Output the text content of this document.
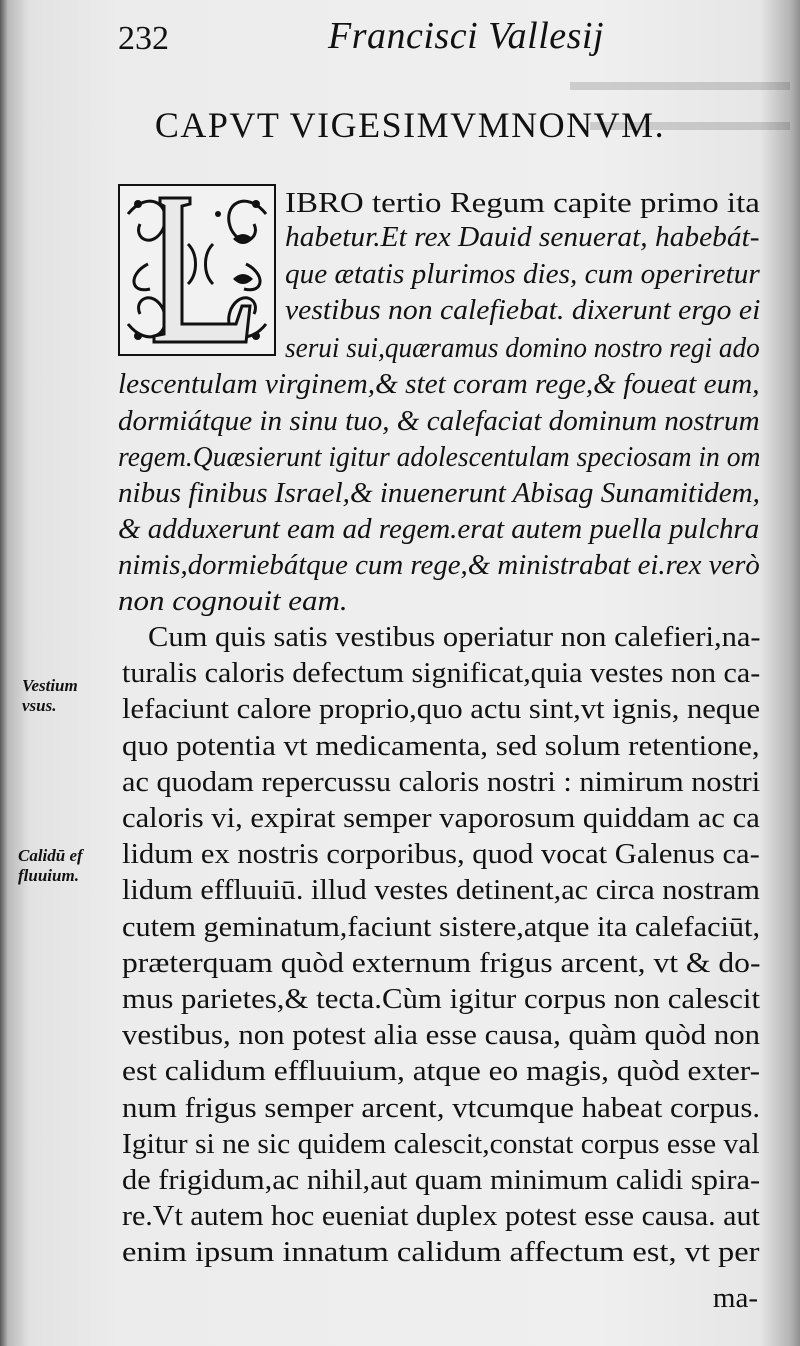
232	Francisci Vallesij
CAPVT VIGESIMVMNONVM.
IBRO tertio Regum capite primo ita
habetur.Et rex Dauid senuerat, habebát-
que ætatis plurimos dies, cum operiretur
vestibus non calefiebat. dixerunt ergo ei
serui sui,quæramus domino nostro regi ado
lescentulam virginem,& stet coram rege,& foueat eum,
dormiátque in sinu tuo, & calefaciat dominum nostrum
regem.Quæsierunt igitur adolescentulam speciosam in om
nibus finibus Israel,& inuenerunt Abisag Sunamitidem,
& adduxerunt eam ad regem.erat autem puella pulchra
nimis,dormiebátque cum rege,& ministrabat ei.rex verò
non cognouit eam.
Cum quis satis vestibus operiatur non calefieri,na-
turalis caloris defectum significat,quia vestes non ca-
lefaciunt calore proprio,quo actu sint,vt ignis, neque
quo potentia vt medicamenta, sed solum retentione,
ac quodam repercussu caloris nostri : nimirum nostri
caloris vi, expirat semper vaporosum quiddam ac ca
lidum ex nostris corporibus, quod vocat Galenus ca-
lidum effluuiū. illud vestes detinent,ac circa nostram
cutem geminatum,faciunt sistere,atque ita calefaciūt,
præterquam quòd externum frigus arcent, vt & do-
mus parietes,& tecta.Cùm igitur corpus non calescit
vestibus, non potest alia esse causa, quàm quòd non
est calidum effluuium, atque eo magis, quòd exter-
num frigus semper arcent, vtcumque habeat corpus.
Igitur si ne sic quidem calescit,constat corpus esse val
de frigidum,ac nihil,aut quam minimum calidi spira-
re.Vt autem hoc eueniat duplex potest esse causa. aut
enim ipsum innatum calidum affectum est, vt per
Vestium
vsus.
Calidū ef
fluuium.
ma-
